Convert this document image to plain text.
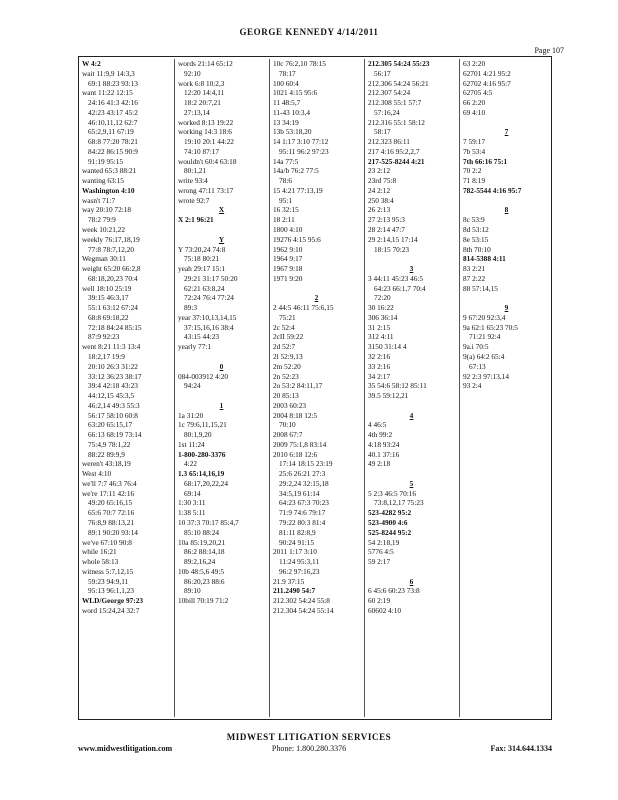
GEORGE KENNEDY 4/14/2011
Page 107
W 4:2
wait 11:9,9 14:3,3
69:1 88:23 93:13
want 11:22 12:15
24:16 41:3 42:16
42:23 43:17 45:2
46:10,11,12 62:7
65:2,9,11 67:19
68:8 77:20 78:21
84:22 86:15 90:9
91:19 95:15
wanted 65:3 88:21
wanting 63:15
Washington 4:10
wasn't 71:7
way 20:10 72:18
78:2 79:9
week 10:21,22
weekly 76:17,18,19
77:8 78:7,12,20
Wegman 30:11
weight 65:20 66:2,8
68:18,20,23 70:4
well 18:10 25:19
39:15 46:3,17
55:1 63:12 67:24
68:8 69:18,22
72:18 84:24 85:15
87:9 92:23
went 8:21 11:3 13:4
18:2,17 19:9
20:10 26:3 31:22
33:12 36:23 38:17
39:4 42:18 43:23
44:12,15 45:3,5
46:2,14 49:3 55:3
56:17 58:10 60:8
63:20 65:15,17
66:13 68:19 73:14
75:4,9 78:1,22
88:22 89:9,9
weren't 43:18,19
West 4:10
we'll 7:7 46:3 76:4
we're 17:11 42:16
49:20 65:16,15
65:6 70:7 72:16
76:8,9 88:13,21
89:1 90:20 93:14
we've 67:10 90:8
while 16:21
whole 58:13
witness 5:7,12,15
59:23 94:9,11
95:13 96:1,1,23
WLD/George 97:23
word 15:24,24 32:7
words 21:14 65:12
92:10
work 6:8 10:2,3
12:20 14:4,11
18:2 20:7,21
27:13,14
worked 8:13 19:22
working 14:3 18:6
19:10 20:1 44:22
74:10 87:17
wouldn't 60:4 63:18
80:1,21
write 93:4
wrong 47:11 73:17
wrote 92:7
X
X 2:1 96:21
Y
Y 73:20,24 74:8
75:18 80:21
yeah 29:17 15:1
29:21 31:17 50:20
62:21 63:8,24
72:24 76:4 77:24
89:3
year 37:10,13,14,15
37:15,16,16 38:4
43:15 44:23
yearly 77:1
0
084-003912 4:20
94:24
1
1a 31:20
1c 79:6,11,15,21
80:1,9,20
1st 11:24
1-800-280-3376
4:22
1.3 65:14,16,19
68:17,20,22,24
69:14
1:30 3:11
1:38 5:11
10 37:3 70:17 85:4,7
85:10 88:24
10a 85:19,20,21
86:2 88:14,18
89:2,16,24
10b 48:5,6 49:5
86:20,23 88:6
89:10
10bill 70:19 71:2
10c 76:2,10 78:15
78:17
100 60:4
1021 4:15 95:6
11 48:5,7
11-43 10:3,4
13 34:19
13b 53:18,20
14 1:17 3:10 77:12
95:11 96:2 97:23
14a 77:5
14a/b 76:2 77:5
78:6
15 4:21 77:13,19
95:1
16 32:15
18 2:11
1800 4:10
19276 4:15 95:6
1962 9:10
1964 9:17
1967 9:18
1971 9:20
2
2 44:5 46:11 75:6,15
75:21
2c 52:4
2cII 59:22
2d 52:7
2l 52:9,13
2m 52:20
2n 52:23
2o 53:2 84:11,17
20 85:13
2003 60:23
2004 8:18 12:5
70:10
2008 67:7
2009 75:1,8 83:14
2010 6:18 12:6
17:14 18:15 23:19
25:6 26:21 27:3
29:2,24 32:15,18
34:5,19 61:14
64:23 67:3 70:23
71:9 74:6 79:17
79:22 80:3 81:4
81:11 82:8,9
90:24 91:15
2011 1:17 3:10
11:24 95:3,11
96:2 97:16,23
21.9 37:15
211.2490 54:7
212.302 54:24 55:8
212.304 54:24 55:14
212.305 54:24 55:23
56:17
212.306 54:24 56:21
212.307 54:24
212.308 55:1 57:7
57:16,24
212.316 55:1 58:12
58:17
212.323 86:11
217 4:16 95:2,2,7
217-525-8244 4:21
23 2:12
23rd 75:8
24 2:12
250 38:4
26 2:13
27 2:13 95:3
28 2:14 47:7
29 2:14,15 17:14
18:15 70:23
3
3 44:11 45:23 46:5
64:23 66:1,7 70:4
72:20
30 16:22
306 36:14
31 2:15
312 4:11
3150 31:14 4
32 2:16
33 2:16
34 2:17
35 54:6 58:12 85:11
39.5 59:12,21
4
4 46:5
4th 99:2
4:18 93:24
40.1 37:16
49 2:18
5
5 2:3 46:5 70:16
73:8,12,17 75:23
523-4282 95:2
523-4900 4:6
525-8244 95:2
54 2:18,19
5776 4:5
59 2:17
6
6 45:6 60:23 73:8
60 2:19
60602 4:10
63 2:20
62701 4:21 95:2
62702 4:16 95:7
62705 4:5
66 2:20
69 4:10
7
7 59:17
7b 53:4
7th 66:16 75:1
70 2:2
71 8:19
782-5544 4:16 95:7
8
8c 53:9
8d 53:12
8e 53:15
8th 70:10
814-5388 4:11
83 2:21
87 2:22
88 57:14,15
9
9 67:20 92:3,4
9a 62:1 65:23 70:5
71:21 92:4
9a.i 70:5
9(a) 64:2 65:4
67:13
92 2:3 97:13,14
93 2:4
MIDWEST LITIGATION SERVICES
www.midwestlitigation.com	Phone: 1.800.280.3376	Fax: 314.644.1334
